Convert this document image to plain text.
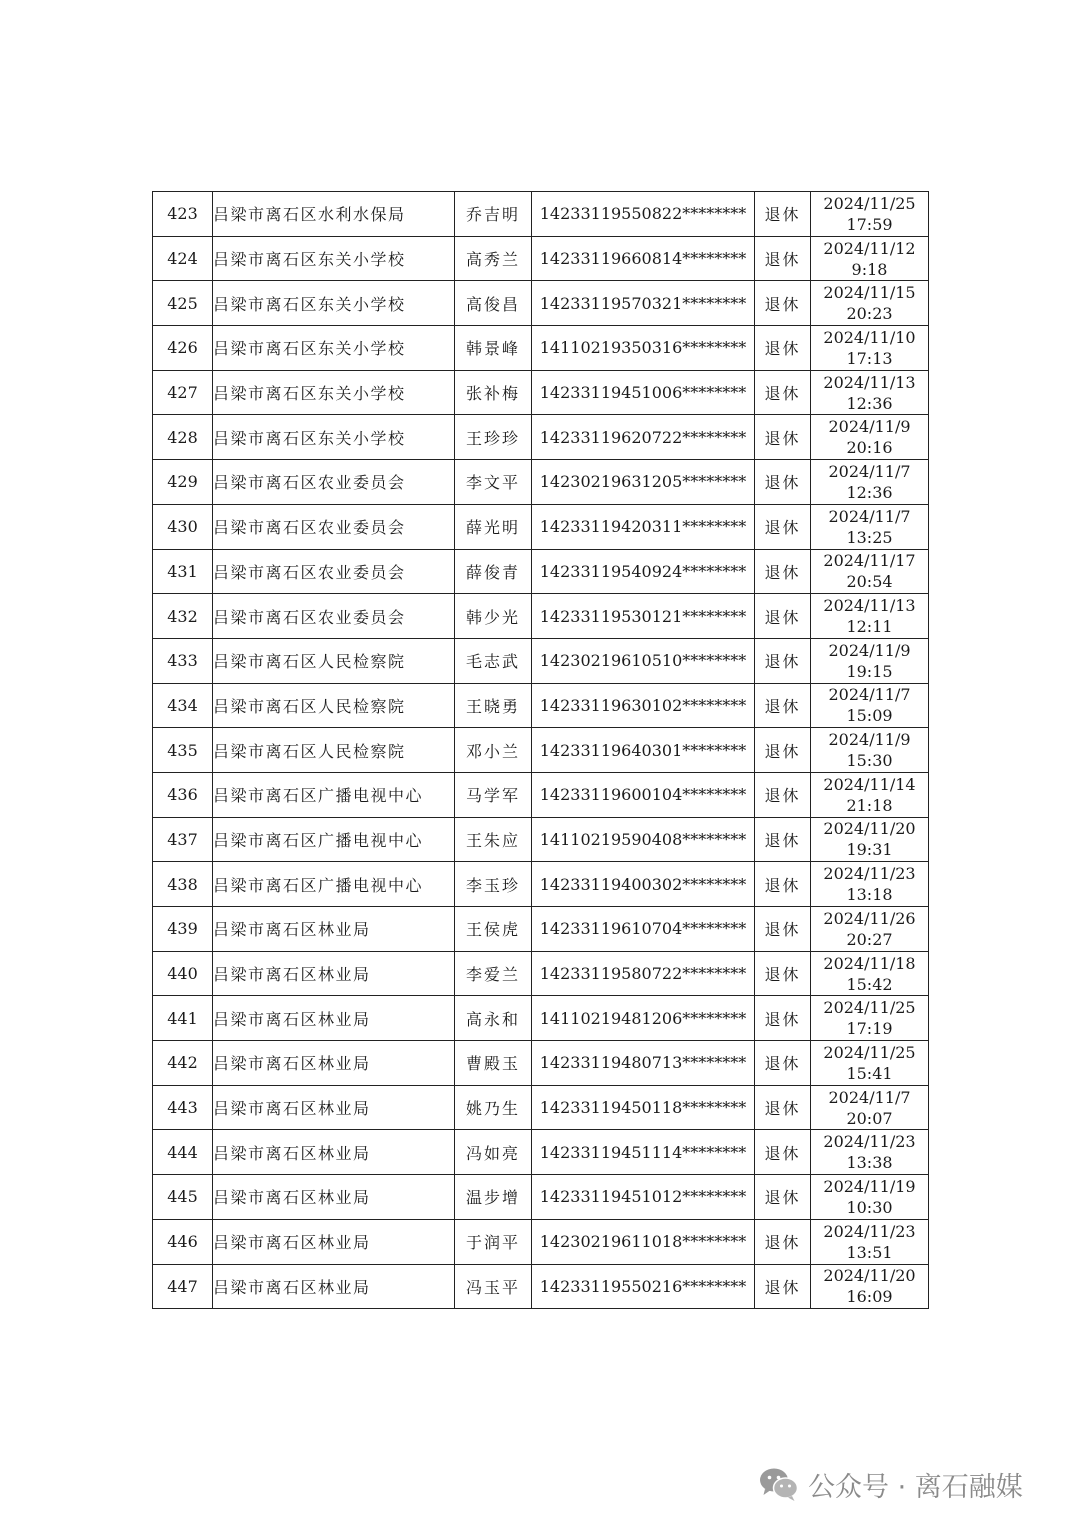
423	吕梁市离石区水利水保局	乔吉明	14233119550822********	退休	2024/11/25
17:59

424	吕梁市离石区东关小学校	高秀兰	14233119660814********	退休	2024/11/12
9:18

425	吕梁市离石区东关小学校	高俊昌	14233119570321********	退休	2024/11/15
20:23

426	吕梁市离石区东关小学校	韩景峰	14110219350316********	退休	2024/11/10
17:13

427	吕梁市离石区东关小学校	张补梅	14233119451006********	退休	2024/11/13
12:36

428	吕梁市离石区东关小学校	王珍珍	14233119620722********	退休	2024/11/9
20:16

429	吕梁市离石区农业委员会	李文平	14230219631205********	退休	2024/11/7
12:36

430	吕梁市离石区农业委员会	薛光明	14233119420311********	退休	2024/11/7
13:25

431	吕梁市离石区农业委员会	薛俊青	14233119540924********	退休	2024/11/17
20:54

432	吕梁市离石区农业委员会	韩少光	14233119530121********	退休	2024/11/13
12:11

433	吕梁市离石区人民检察院	毛志武	14230219610510********	退休	2024/11/9
19:15

434	吕梁市离石区人民检察院	王晓勇	14233119630102********	退休	2024/11/7
15:09

435	吕梁市离石区人民检察院	邓小兰	14233119640301********	退休	2024/11/9
15:30

436	吕梁市离石区广播电视中心	马学军	14233119600104********	退休	2024/11/14
21:18

437	吕梁市离石区广播电视中心	王朱应	14110219590408********	退休	2024/11/20
19:31

438	吕梁市离石区广播电视中心	李玉珍	14233119400302********	退休	2024/11/23
13:18

439	吕梁市离石区林业局	王侯虎	14233119610704********	退休	2024/11/26
20:27

440	吕梁市离石区林业局	李爱兰	14233119580722********	退休	2024/11/18
15:42

441	吕梁市离石区林业局	高永和	14110219481206********	退休	2024/11/25
17:19

442	吕梁市离石区林业局	曹殿玉	14233119480713********	退休	2024/11/25
15:41

443	吕梁市离石区林业局	姚乃生	14233119450118********	退休	2024/11/7
20:07

444	吕梁市离石区林业局	冯如亮	14233119451114********	退休	2024/11/23
13:38

445	吕梁市离石区林业局	温步增	14233119451012********	退休	2024/11/19
10:30

446	吕梁市离石区林业局	于润平	14230219611018********	退休	2024/11/23
13:51

447	吕梁市离石区林业局	冯玉平	14233119550216********	退休	2024/11/20
16:09
公众号 · 离石融媒
